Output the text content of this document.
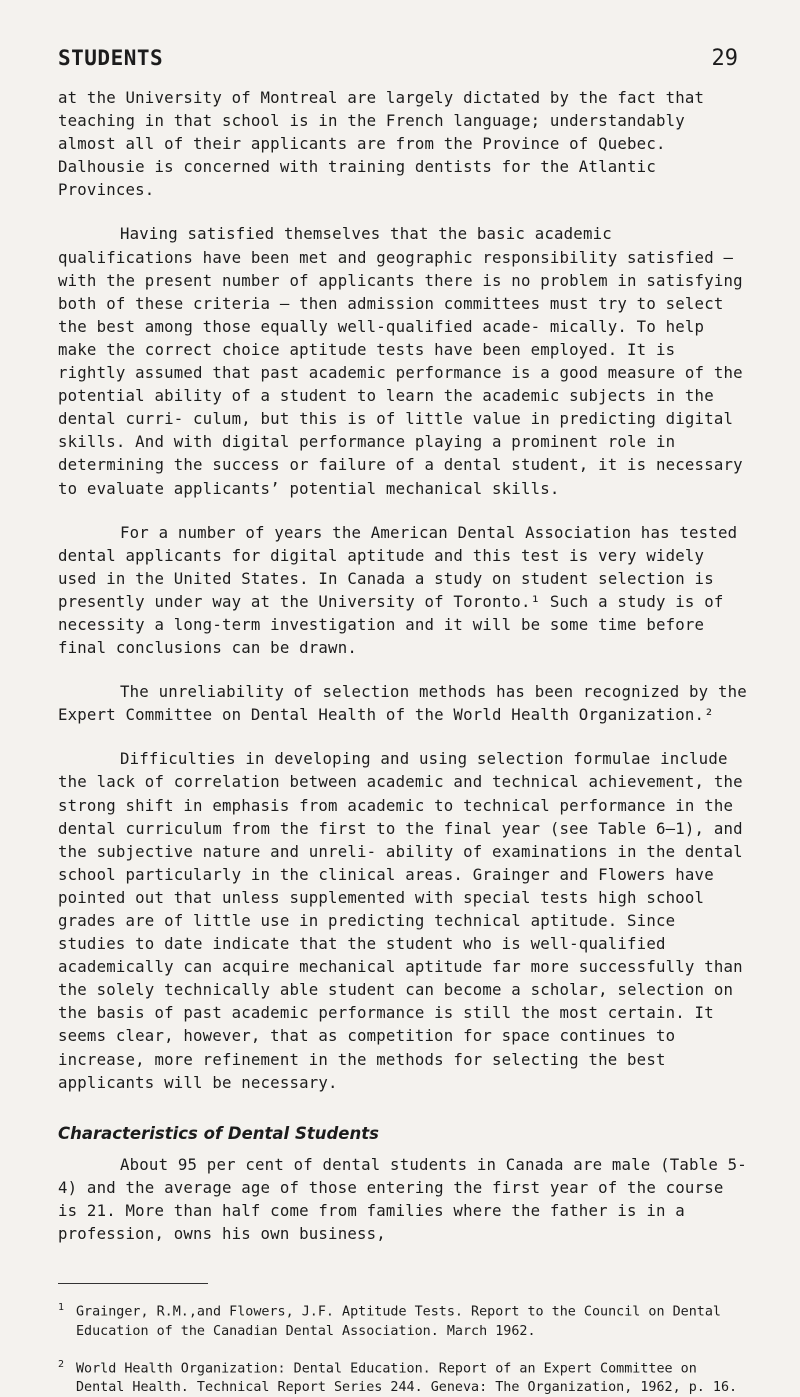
STUDENTS	29

at the University of Montreal are largely dictated by the fact that teaching in that school is in the French language; understandably almost all of their applicants are from the Province of Quebec. Dalhousie is concerned with training dentists for the Atlantic Provinces.

Having satisfied themselves that the basic academic qualifications have been met and geographic responsibility satisfied — with the present number of applicants there is no problem in satisfying both of these criteria — then admission committees must try to select the best among those equally well-qualified acade- mically. To help make the correct choice aptitude tests have been employed. It is rightly assumed that past academic performance is a good measure of the potential ability of a student to learn the academic subjects in the dental curri- culum, but this is of little value in predicting digital skills. And with digital performance playing a prominent role in determining the success or failure of a dental student, it is necessary to evaluate applicants’ potential mechanical skills.

For a number of years the American Dental Association has tested dental applicants for digital aptitude and this test is very widely used in the United States. In Canada a study on student selection is presently under way at the University of Toronto.¹ Such a study is of necessity a long-term investigation and it will be some time before final conclusions can be drawn.

The unreliability of selection methods has been recognized by the Expert Committee on Dental Health of the World Health Organization.²

Difficulties in developing and using selection formulae include the lack of correlation between academic and technical achievement, the strong shift in emphasis from academic to technical performance in the dental curriculum from the first to the final year (see Table 6—1), and the subjective nature and unreli- ability of examinations in the dental school particularly in the clinical areas. Grainger and Flowers have pointed out that unless supplemented with special tests high school grades are of little use in predicting technical aptitude. Since studies to date indicate that the student who is well-qualified academically can acquire mechanical aptitude far more successfully than the solely technically able student can become a scholar, selection on the basis of past academic performance is still the most certain. It seems clear, however, that as competition for space continues to increase, more refinement in the methods for selecting the best applicants will be necessary.

Characteristics of Dental Students

About 95 per cent of dental students in Canada are male (Table 5-4) and the average age of those entering the first year of the course is 21. More than half come from families where the father is in a profession, owns his own business,

$^1$ Grainger, R.M.,and Flowers, J.F. Aptitude Tests. Report to the Council on Dental Education of the Canadian Dental Association. March 1962.
$^2$ World Health Organization: Dental Education. Report of an Expert Committee on Dental Health. Technical Report Series 244. Geneva: The Organization, 1962, p. 16.
